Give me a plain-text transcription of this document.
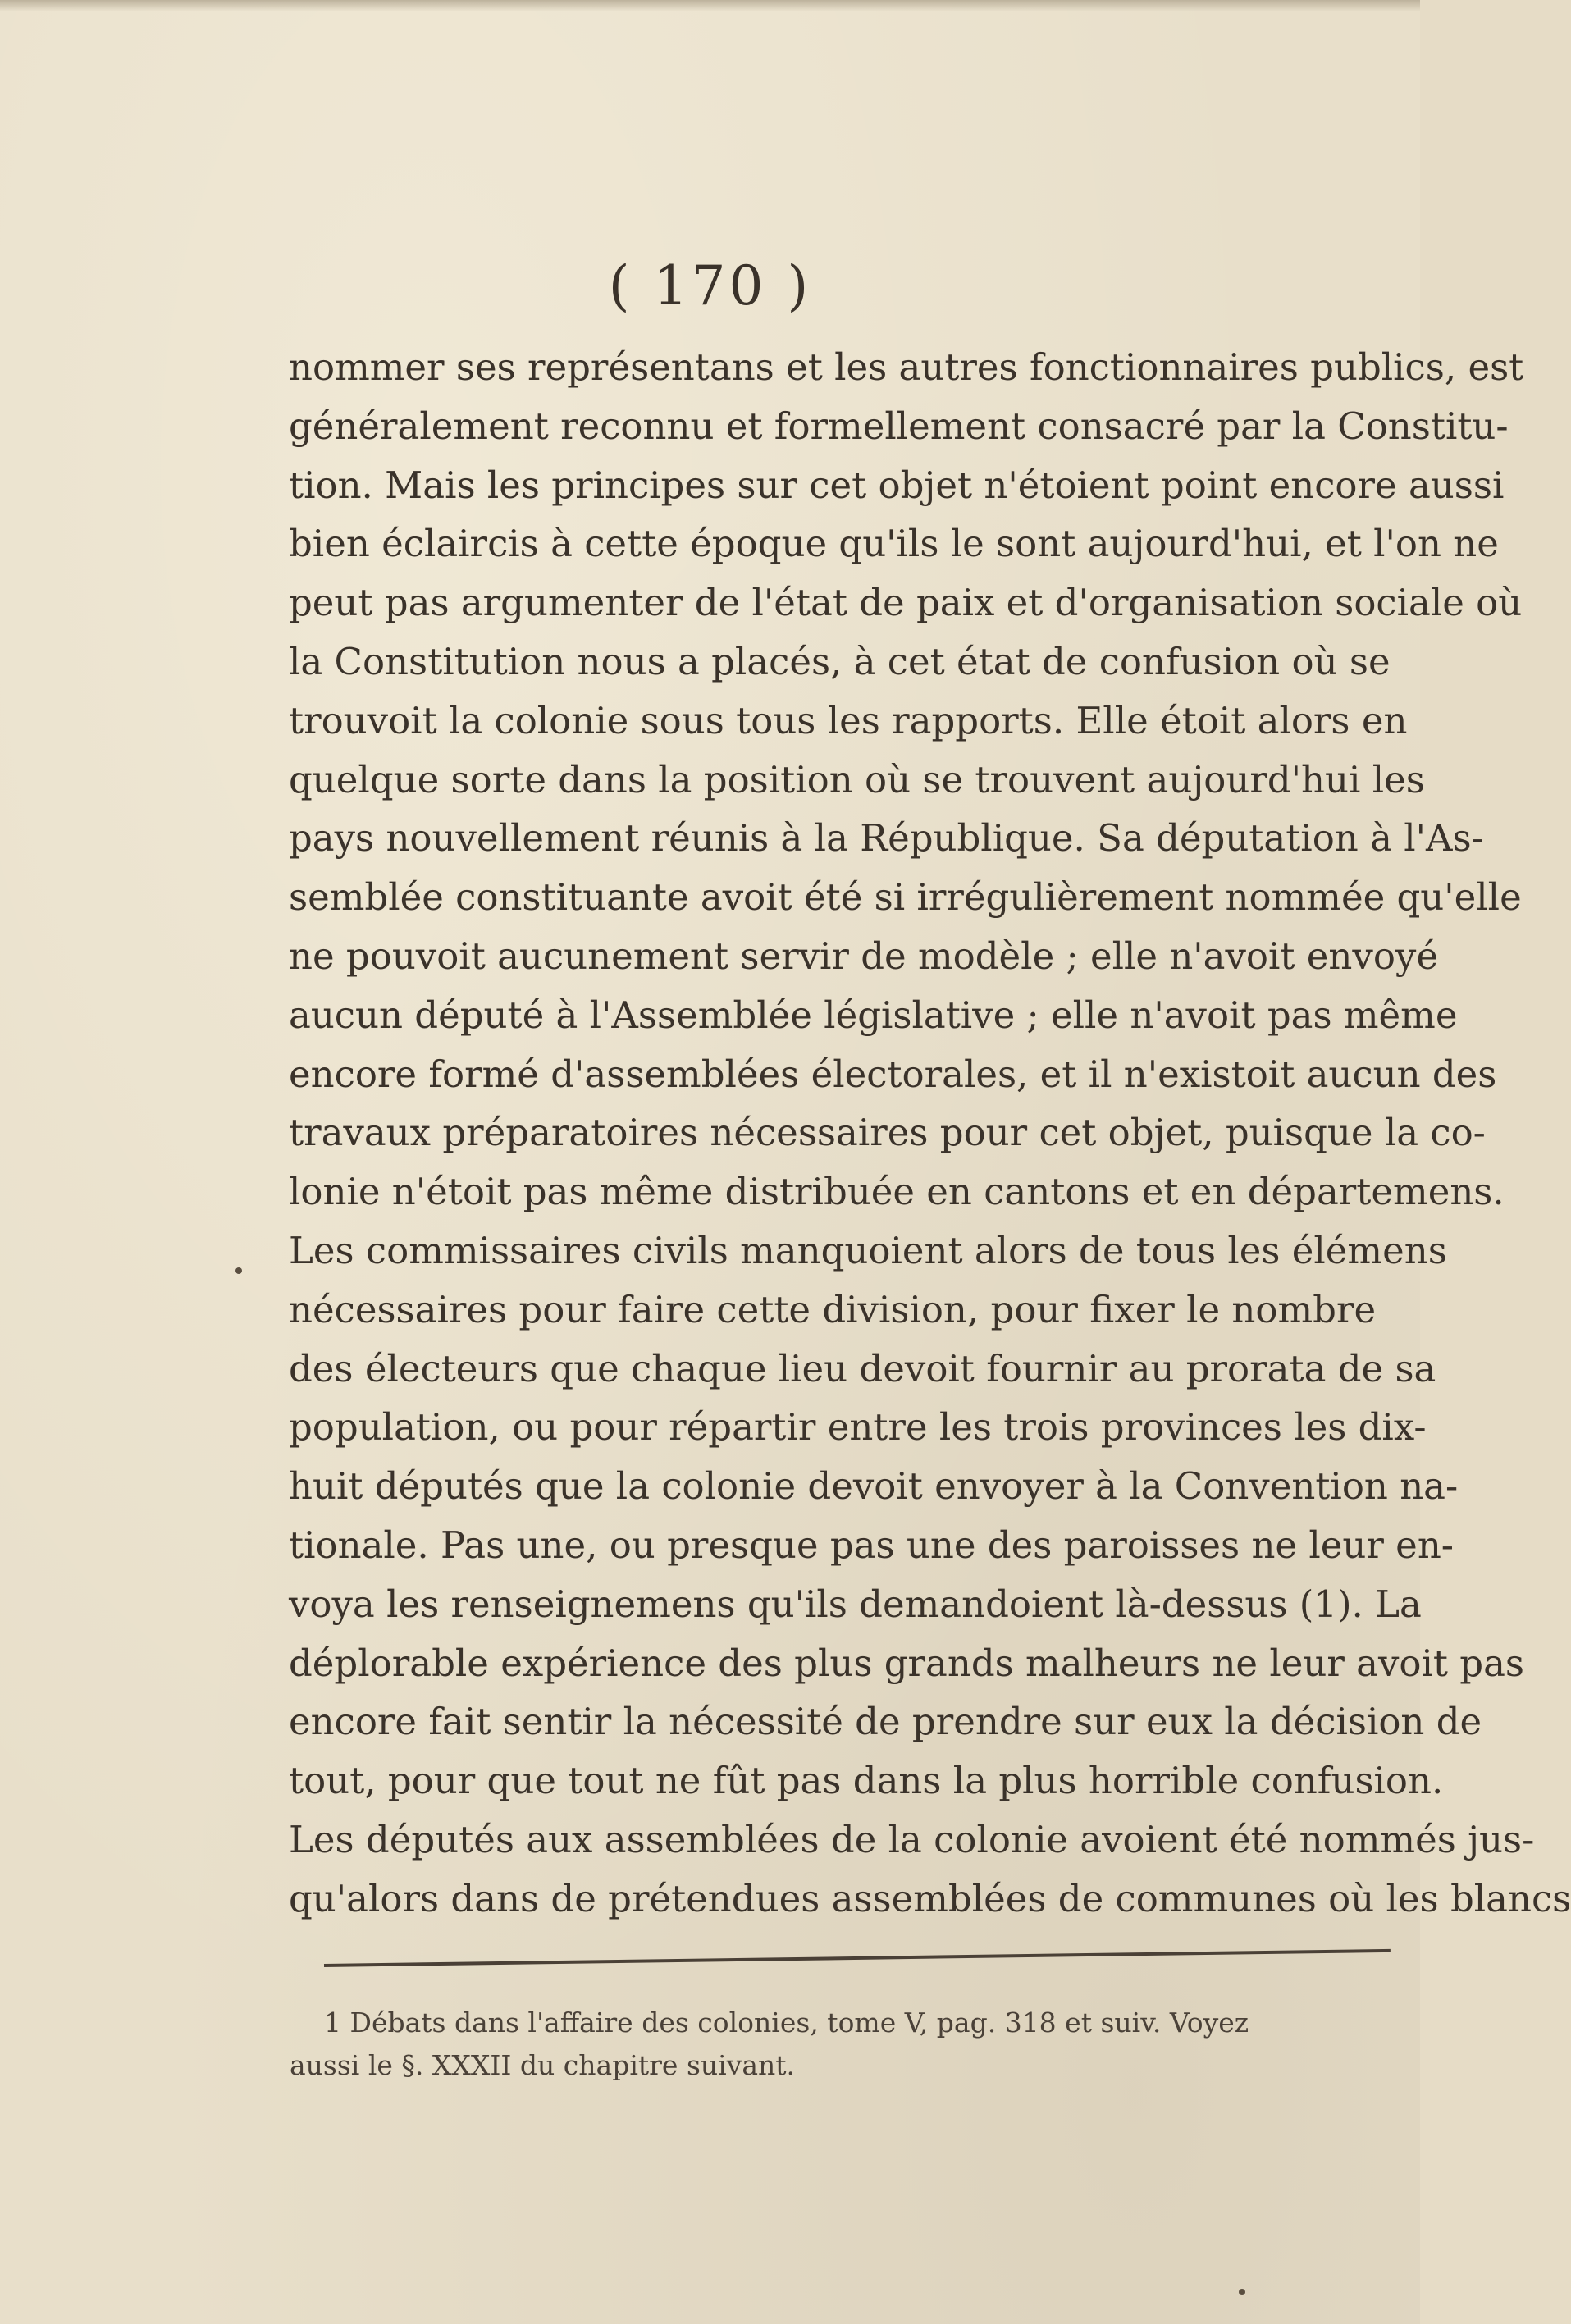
( 170 )
nommer ses représentans et les autres fonctionnaires publics, est
généralement reconnu et formellement consacré par la Constitu-
tion. Mais les principes sur cet objet n'étoient point encore aussi
bien éclaircis à cette époque qu'ils le sont aujourd'hui, et l'on ne
peut pas argumenter de l'état de paix et d'organisation sociale où
la Constitution nous a placés, à cet état de confusion où se
trouvoit la colonie sous tous les rapports. Elle étoit alors en
quelque sorte dans la position où se trouvent aujourd'hui les
pays nouvellement réunis à la République. Sa députation à l'As-
semblée constituante avoit été si irrégulièrement nommée qu'elle
ne pouvoit aucunement servir de modèle ; elle n'avoit envoyé
aucun député à l'Assemblée législative ; elle n'avoit pas même
encore formé d'assemblées électorales, et il n'existoit aucun des
travaux préparatoires nécessaires pour cet objet, puisque la co-
lonie n'étoit pas même distribuée en cantons et en départemens.
Les commissaires civils manquoient alors de tous les élémens
nécessaires pour faire cette division, pour fixer le nombre
des électeurs que chaque lieu devoit fournir au prorata de sa
population, ou pour répartir entre les trois provinces les dix-
huit députés que la colonie devoit envoyer à la Convention na-
tionale. Pas une, ou presque pas une des paroisses ne leur en-
voya les renseignemens qu'ils demandoient là-dessus (1). La
déplorable expérience des plus grands malheurs ne leur avoit pas
encore fait sentir la nécessité de prendre sur eux la décision de
tout, pour que tout ne fût pas dans la plus horrible confusion.
Les députés aux assemblées de la colonie avoient été nommés jus-
qu'alors dans de prétendues assemblées de communes où les blancs
1 Débats dans l'affaire des colonies, tome V, pag. 318 et suiv. Voyez
aussi le §. XXXII du chapitre suivant.
